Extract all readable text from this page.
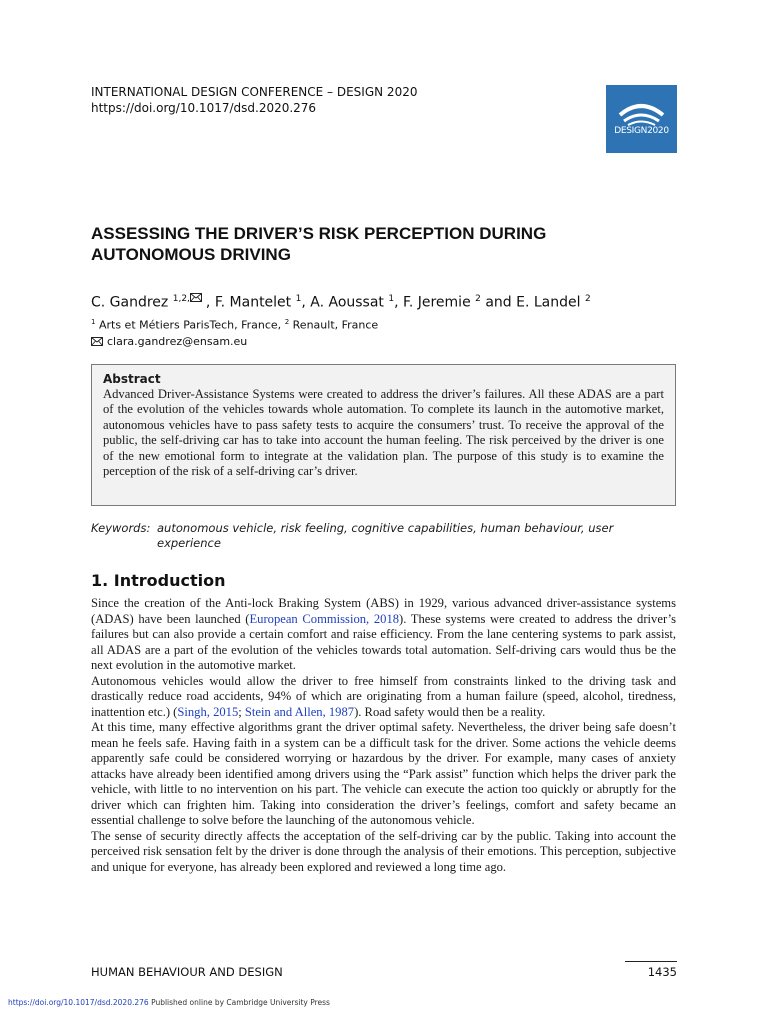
INTERNATIONAL DESIGN CONFERENCE – DESIGN 2020
https://doi.org/10.1017/dsd.2020.276
DESIGN2020
ASSESSING THE DRIVER’S RISK PERCEPTION DURING
AUTONOMOUS DRIVING
C. Gandrez $^{1,2,}$ , F. Mantelet $^1$, A. Aoussat $^1$, F. Jeremie $^2$ and E. Landel $^2$
$^1$ Arts et Métiers ParisTech, France, $^2$ Renault, France
clara.gandrez@ensam.eu
Abstract
Advanced Driver-Assistance Systems were created to address the driver’s failures. All these ADAS are a part of the evolution of the vehicles towards whole automation. To complete its launch in the automotive market, autonomous vehicles have to pass safety tests to acquire the consumers’ trust. To receive the approval of the public, the self-driving car has to take into account the human feeling. The risk perceived by the driver is one of the new emotional form to integrate at the validation plan. The purpose of this study is to examine the perception of the risk of a self-driving car’s driver.
Keywords: autonomous vehicle, risk feeling, cognitive capabilities, human behaviour, user experience
1. Introduction

Since the creation of the Anti-lock Braking System (ABS) in 1929, various advanced driver-assistance systems (ADAS) have been launched (European Commission, 2018). These systems were created to address the driver’s failures but can also provide a certain comfort and raise efficiency. From the lane centering systems to park assist, all ADAS are a part of the evolution of the vehicles towards total automation. Self-driving cars would thus be the next evolution in the automotive market.

Autonomous vehicles would allow the driver to free himself from constraints linked to the driving task and drastically reduce road accidents, 94% of which are originating from a human failure (speed, alcohol, tiredness, inattention etc.) (Singh, 2015; Stein and Allen, 1987). Road safety would then be a reality.

At this time, many effective algorithms grant the driver optimal safety. Nevertheless, the driver being safe doesn’t mean he feels safe. Having faith in a system can be a difficult task for the driver. Some actions the vehicle deems apparently safe could be considered worrying or hazardous by the driver. For example, many cases of anxiety attacks have already been identified among drivers using the “Park assist” function which helps the driver park the vehicle, with little to no intervention on his part. The vehicle can execute the action too quickly or abruptly for the driver which can frighten him. Taking into consideration the driver’s feelings, comfort and safety became an essential challenge to solve before the launching of the autonomous vehicle.

The sense of security directly affects the acceptation of the self-driving car by the public. Taking into account the perceived risk sensation felt by the driver is done through the analysis of their emotions. This perception, subjective and unique for everyone, has already been explored and reviewed a long time ago.

HUMAN BEHAVIOUR AND DESIGN	1435
https://doi.org/10.1017/dsd.2020.276 Published online by Cambridge University Press
